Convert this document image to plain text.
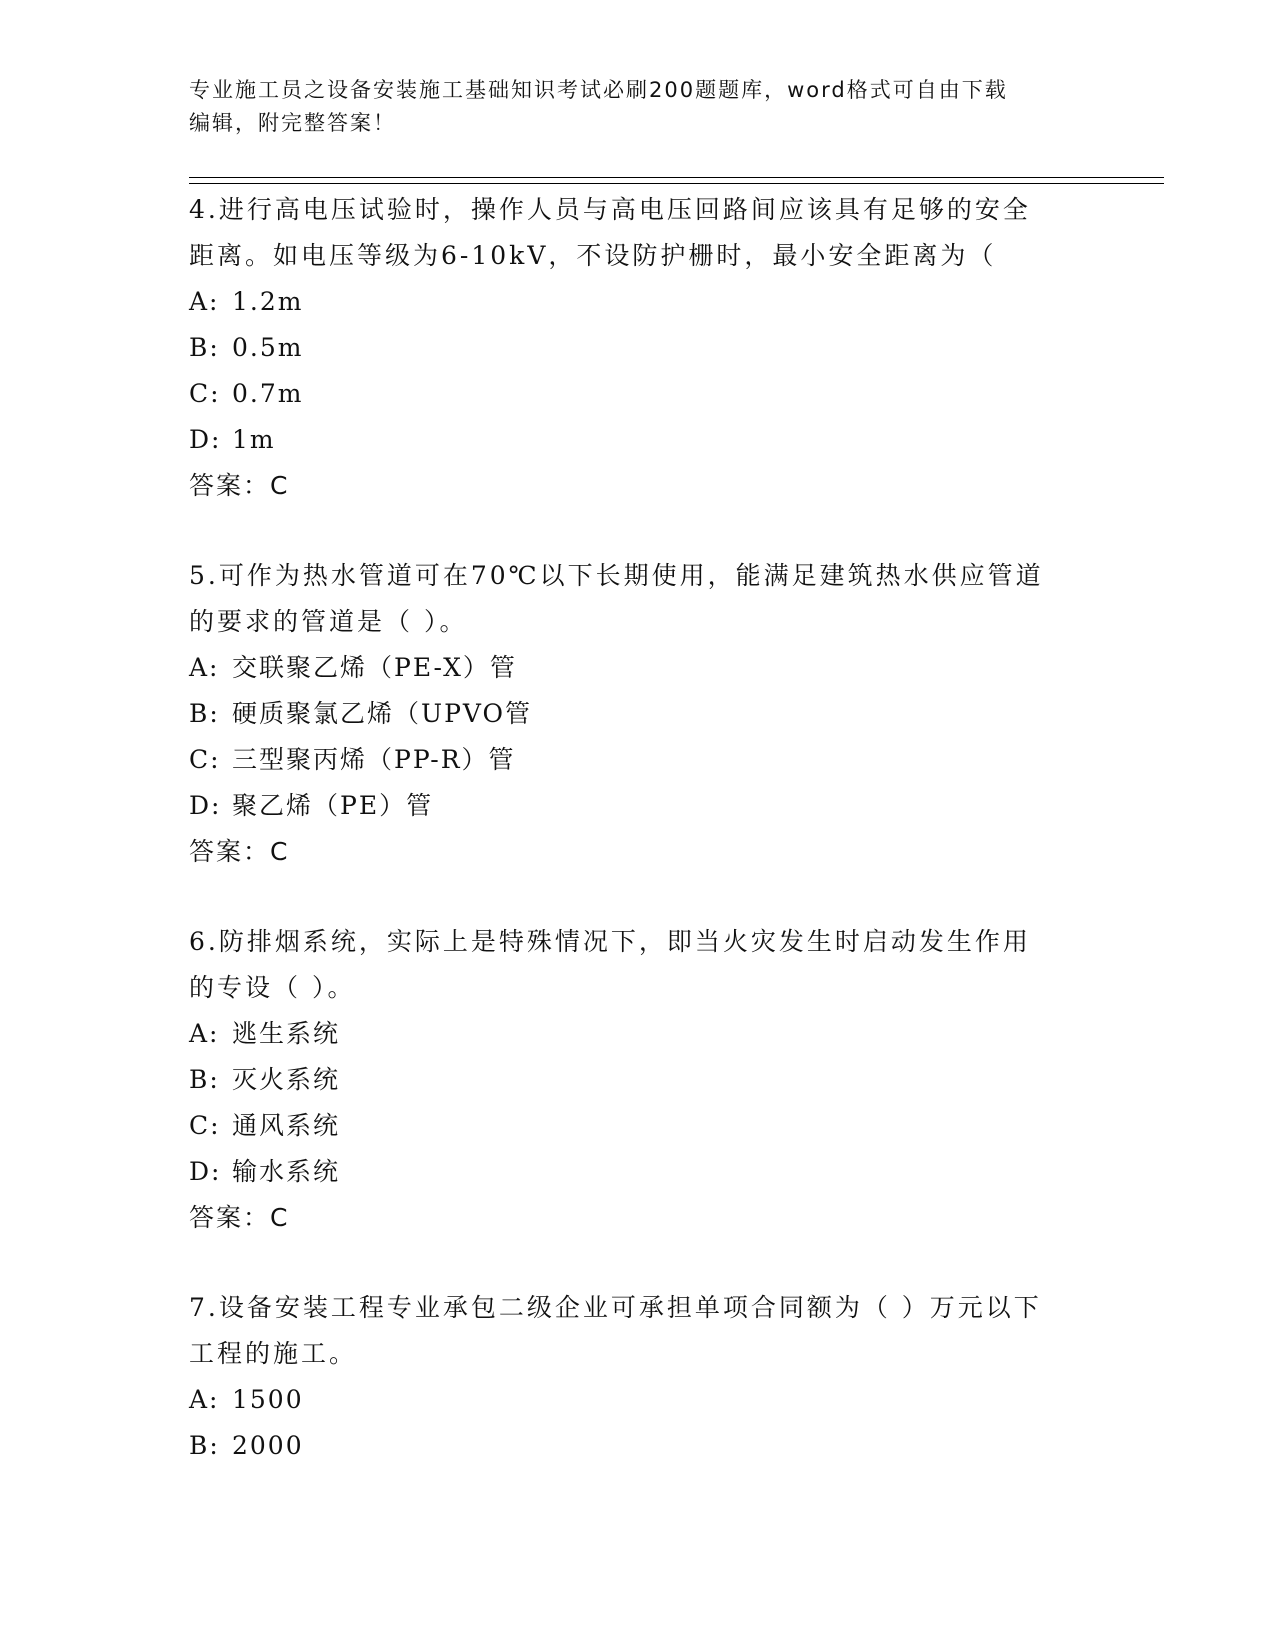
专业施工员之设备安装施工基础知识考试必刷200题题库，word格式可自由下载
编辑，附完整答案！
4.进行高电压试验时，操作人员与高电压回路间应该具有足够的安全
距离。如电压等级为6-10kV，不设防护栅时，最小安全距离为（
A: 1.2m
B: 0.5m
C: 0.7m
D: 1m
答案：C
5.可作为热水管道可在70℃以下长期使用，能满足建筑热水供应管道
的要求的管道是（ ）。
A: 交联聚乙烯（PE-X）管
B: 硬质聚氯乙烯（UPVO管
C: 三型聚丙烯（PP-R）管
D: 聚乙烯（PE）管
答案：C
6.防排烟系统，实际上是特殊情况下，即当火灾发生时启动发生作用
的专设（ ）。
A: 逃生系统
B: 灭火系统
C: 通风系统
D: 输水系统
答案：C
7.设备安装工程专业承包二级企业可承担单项合同额为（ ）万元以下
工程的施工。
A: 1500
B: 2000
